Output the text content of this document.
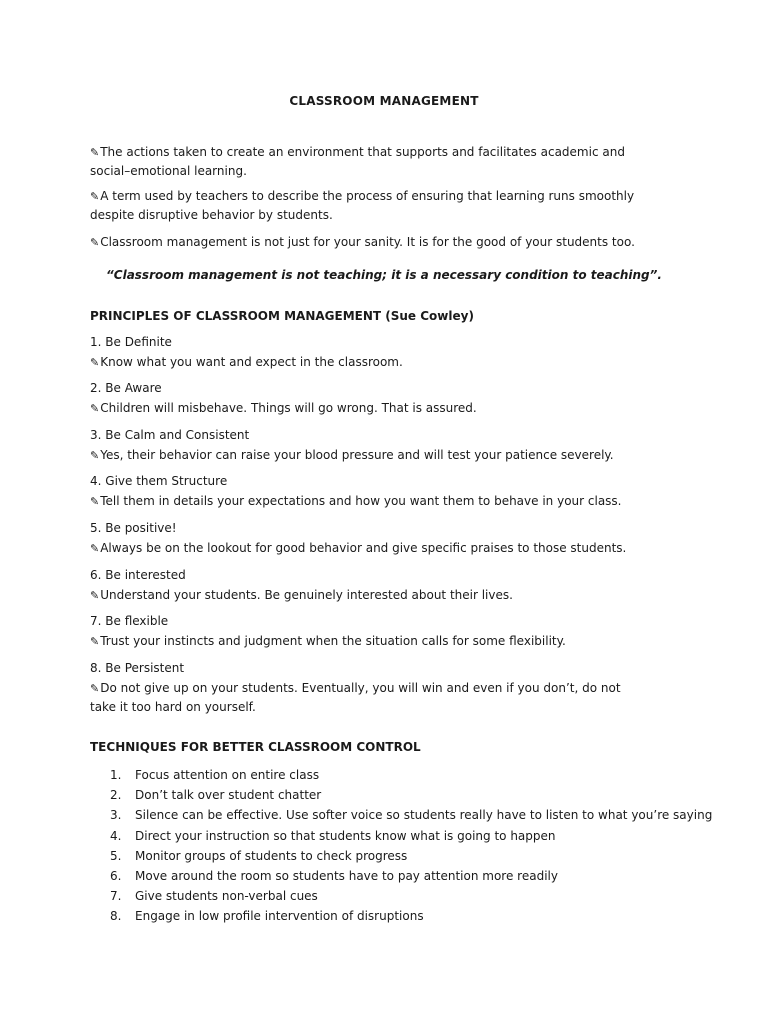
CLASSROOM MANAGEMENT
✎The actions taken to create an environment that supports and facilitates academic and social–emotional learning.
✎A term used by teachers to describe the process of ensuring that learning runs smoothly despite disruptive behavior by students.
✎Classroom management is not just for your sanity. It is for the good of your students too.
“Classroom management is not teaching; it is a necessary condition to teaching”.
PRINCIPLES OF CLASSROOM MANAGEMENT (Sue Cowley)
1. Be Definite
✎Know what you want and expect in the classroom.
2. Be Aware
✎Children will misbehave. Things will go wrong. That is assured.
3. Be Calm and Consistent
✎Yes, their behavior can raise your blood pressure and will test your patience severely.
4. Give them Structure
✎Tell them in details your expectations and how you want them to behave in your class.
5. Be positive!
✎Always be on the lookout for good behavior and give specific praises to those students.
6. Be interested
✎Understand your students. Be genuinely interested about their lives.
7. Be flexible
✎Trust your instincts and judgment when the situation calls for some flexibility.
8. Be Persistent
✎Do not give up on your students. Eventually, you will win and even if you don’t, do not take it too hard on yourself.
TECHNIQUES FOR BETTER CLASSROOM CONTROL
1. Focus attention on entire class
2. Don’t talk over student chatter
3. Silence can be effective. Use softer voice so students really have to listen to what you’re saying
4. Direct your instruction so that students know what is going to happen
5. Monitor groups of students to check progress
6. Move around the room so students have to pay attention more readily
7. Give students non-verbal cues
8. Engage in low profile intervention of disruptions
